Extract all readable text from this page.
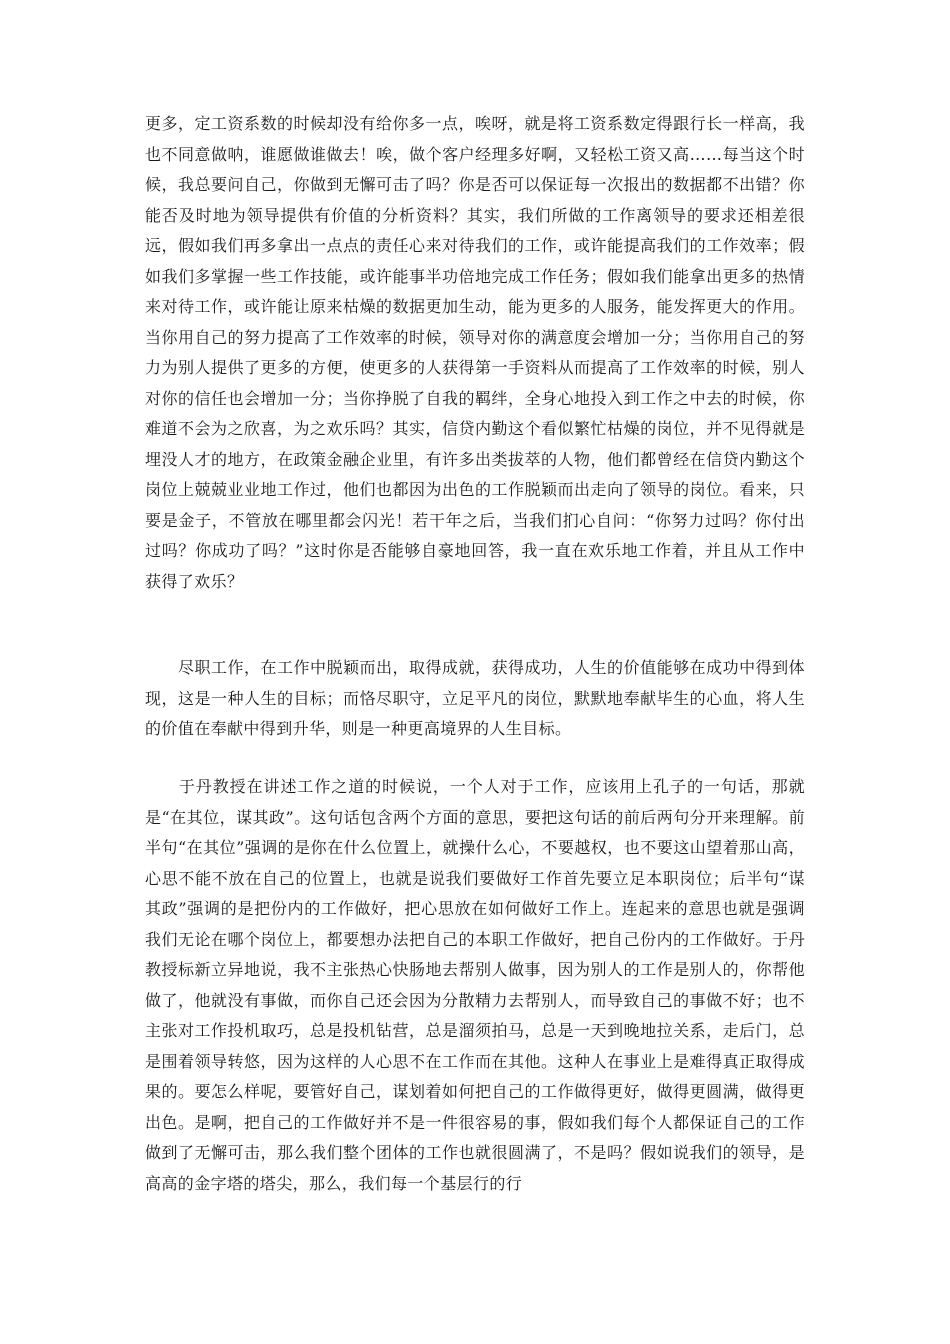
更多，定工资系数的时候却没有给你多一点，唉呀，就是将工资系数定得跟行长一样高，我也不同意做呐，谁愿做谁做去！唉，做个客户经理多好啊，又轻松工资又高……每当这个时候，我总要问自己，你做到无懈可击了吗？你是否可以保证每一次报出的数据都不出错？你能否及时地为领导提供有价值的分析资料？其实，我们所做的工作离领导的要求还相差很远，假如我们再多拿出一点点的责任心来对待我们的工作，或许能提高我们的工作效率；假如我们多掌握一些工作技能，或许能事半功倍地完成工作任务；假如我们能拿出更多的热情来对待工作，或许能让原来枯燥的数据更加生动，能为更多的人服务，能发挥更大的作用。当你用自己的努力提高了工作效率的时候，领导对你的满意度会增加一分；当你用自己的努力为别人提供了更多的方便，使更多的人获得第一手资料从而提高了工作效率的时候，别人对你的信任也会增加一分；当你挣脱了自我的羁绊，全身心地投入到工作之中去的时候，你难道不会为之欣喜，为之欢乐吗？其实，信贷内勤这个看似繁忙枯燥的岗位，并不见得就是埋没人才的地方，在政策金融企业里，有许多出类拔萃的人物，他们都曾经在信贷内勤这个岗位上兢兢业业地工作过，他们也都因为出色的工作脱颖而出走向了领导的岗位。看来，只要是金子，不管放在哪里都会闪光！若干年之后，当我们扪心自问：“你努力过吗？你付出过吗？你成功了吗？”这时你是否能够自豪地回答，我一直在欢乐地工作着，并且从工作中获得了欢乐？

　　尽职工作，在工作中脱颖而出，取得成就，获得成功，人生的价值能够在成功中得到体现，这是一种人生的目标；而恪尽职守，立足平凡的岗位，默默地奉献毕生的心血，将人生的价值在奉献中得到升华，则是一种更高境界的人生目标。

　　于丹教授在讲述工作之道的时候说，一个人对于工作，应该用上孔子的一句话，那就是“在其位，谋其政”。这句话包含两个方面的意思，要把这句话的前后两句分开来理解。前半句“在其位”强调的是你在什么位置上，就操什么心，不要越权，也不要这山望着那山高，心思不能不放在自己的位置上，也就是说我们要做好工作首先要立足本职岗位；后半句“谋其政”强调的是把份内的工作做好，把心思放在如何做好工作上。连起来的意思也就是强调我们无论在哪个岗位上，都要想办法把自己的本职工作做好，把自己份内的工作做好。于丹教授标新立异地说，我不主张热心快肠地去帮别人做事，因为别人的工作是别人的，你帮他做了，他就没有事做，而你自己还会因为分散精力去帮别人，而导致自己的事做不好；也不主张对工作投机取巧，总是投机钻营，总是溜须拍马，总是一天到晚地拉关系，走后门，总是围着领导转悠，因为这样的人心思不在工作而在其他。这种人在事业上是难得真正取得成果的。要怎么样呢，要管好自己，谋划着如何把自己的工作做得更好，做得更圆满，做得更出色。是啊，把自己的工作做好并不是一件很容易的事，假如我们每个人都保证自己的工作做到了无懈可击，那么我们整个团体的工作也就很圆满了，不是吗？假如说我们的领导，是高高的金字塔的塔尖，那么，我们每一个基层行的行
